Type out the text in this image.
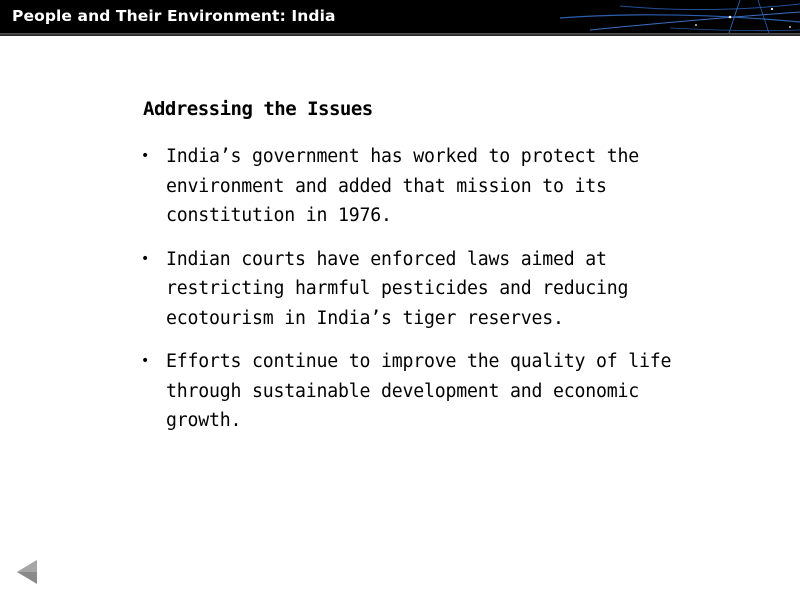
People and Their Environment: India
Addressing the Issues
• India’s government has worked to protect the
environment and added that mission to its
constitution in 1976.
• Indian courts have enforced laws aimed at
restricting harmful pesticides and reducing
ecotourism in India’s tiger reserves.
• Efforts continue to improve the quality of life
through sustainable development and economic
growth.
